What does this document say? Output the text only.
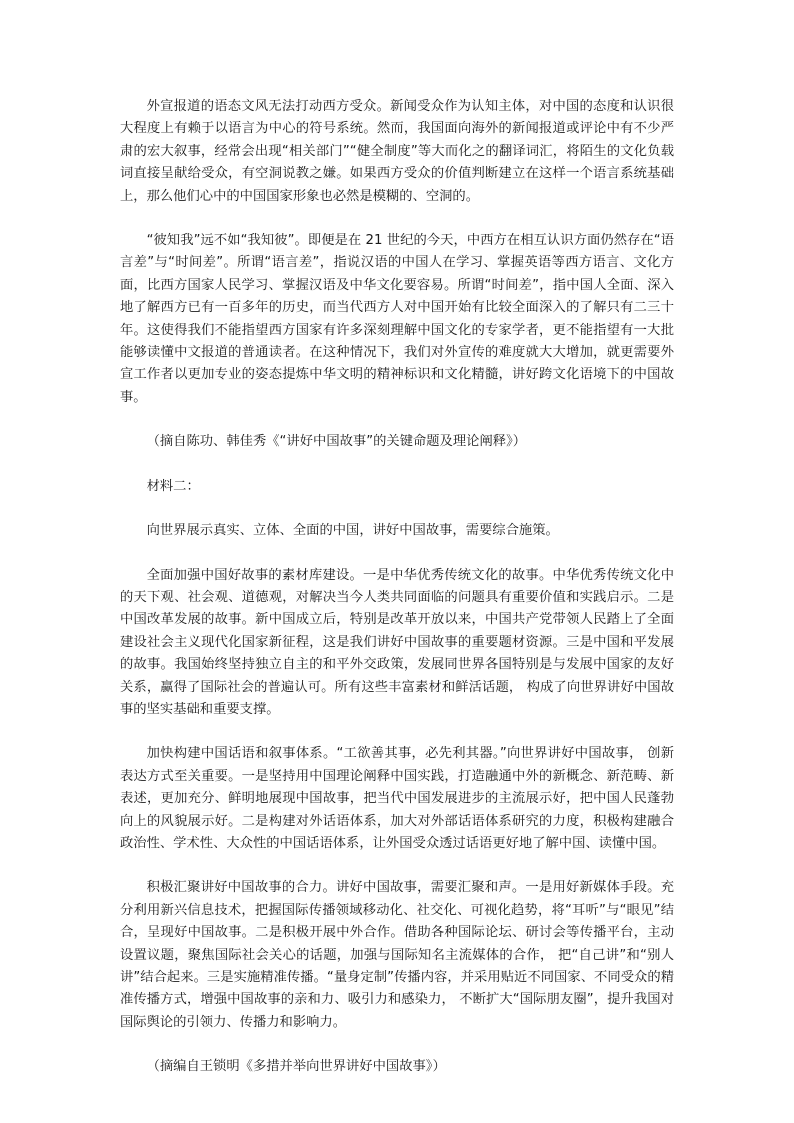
外宣报道的语态文风无法打动西方受众。新闻受众作为认知主体，对中国的态度和认识很大程度上有赖于以语言为中心的符号系统。然而，我国面向海外的新闻报道或评论中有不少严肃的宏大叙事，经常会出现“相关部门”“健全制度”等大而化之的翻译词汇，将陌生的文化负载词直接呈献给受众，有空洞说教之嫌。如果西方受众的价值判断建立在这样一个语言系统基础上，那么他们心中的中国国家形象也必然是模糊的、空洞的。

“彼知我”远不如“我知彼”。即便是在 21 世纪的今天，中西方在相互认识方面仍然存在“语言差”与“时间差”。所谓“语言差”，指说汉语的中国人在学习、掌握英语等西方语言、文化方面，比西方国家人民学习、掌握汉语及中华文化要容易。所谓“时间差”，指中国人全面、深入地了解西方已有一百多年的历史，而当代西方人对中国开始有比较全面深入的了解只有二三十年。这使得我们不能指望西方国家有许多深刻理解中国文化的专家学者，更不能指望有一大批能够读懂中文报道的普通读者。在这种情况下，我们对外宣传的难度就大大增加，就更需要外宣工作者以更加专业的姿态提炼中华文明的精神标识和文化精髓，讲好跨文化语境下的中国故事。

（摘自陈功、韩佳秀《“讲好中国故事”的关键命题及理论阐释》）

材料二：

向世界展示真实、立体、全面的中国，讲好中国故事，需要综合施策。

全面加强中国好故事的素材库建设。一是中华优秀传统文化的故事。中华优秀传统文化中的天下观、社会观、道德观，对解决当今人类共同面临的问题具有重要价值和实践启示。二是中国改革发展的故事。新中国成立后，特别是改革开放以来，中国共产党带领人民踏上了全面建设社会主义现代化国家新征程，这是我们讲好中国故事的重要题材资源。三是中国和平发展的故事。我国始终坚持独立自主的和平外交政策，发展同世界各国特别是与发展中国家的友好关系，赢得了国际社会的普遍认可。所有这些丰富素材和鲜活话题， 构成了向世界讲好中国故事的坚实基础和重要支撑。

加快构建中国话语和叙事体系。“工欲善其事，必先利其器。”向世界讲好中国故事， 创新表达方式至关重要。一是坚持用中国理论阐释中国实践，打造融通中外的新概念、新范畴、新表述，更加充分、鲜明地展现中国故事，把当代中国发展进步的主流展示好，把中国人民蓬勃向上的风貌展示好。二是构建对外话语体系，加大对外部话语体系研究的力度，积极构建融合政治性、学术性、大众性的中国话语体系，让外国受众透过话语更好地了解中国、读懂中国。

积极汇聚讲好中国故事的合力。讲好中国故事，需要汇聚和声。一是用好新媒体手段。充分利用新兴信息技术，把握国际传播领域移动化、社交化、可视化趋势，将“耳听”与“眼见”结合，呈现好中国故事。二是积极开展中外合作。借助各种国际论坛、研讨会等传播平台，主动设置议题，聚焦国际社会关心的话题，加强与国际知名主流媒体的合作， 把“自己讲”和“别人讲”结合起来。三是实施精准传播。“量身定制”传播内容，并采用贴近不同国家、不同受众的精准传播方式，增强中国故事的亲和力、吸引力和感染力， 不断扩大“国际朋友圈”，提升我国对国际舆论的引领力、传播力和影响力。

（摘编自王锁明《多措并举向世界讲好中国故事》）
